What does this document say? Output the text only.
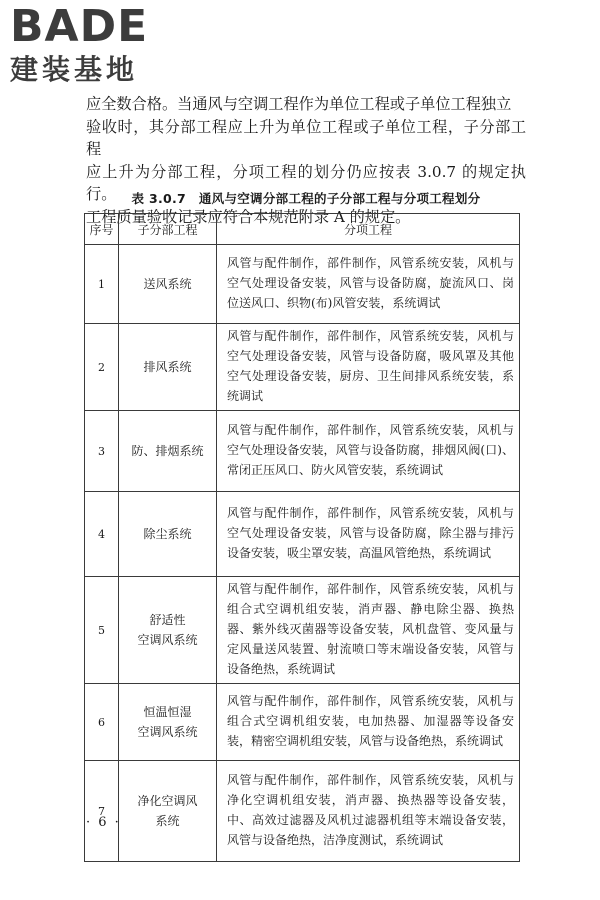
BADE
建装基地

应全数合格。当通风与空调工程作为单位工程或子单位工程独立
验收时，其分部工程应上升为单位工程或子单位工程，子分部工程
应上升为分部工程，分项工程的划分仍应按表 3.0.7 的规定执行。
工程质量验收记录应符合本规范附录 A 的规定。

表 3.0.7　通风与空调分部工程的子分部工程与分项工程划分
序号	子分部工程	分项工程
1	送风系统	风管与配件制作，部件制作，风管系统安装，风机与空气处理设备安装，风管与设备防腐，旋流风口、岗位送风口、织物(布)风管安装，系统调试
2	排风系统	风管与配件制作，部件制作，风管系统安装，风机与空气处理设备安装，风管与设备防腐，吸风罩及其他空气处理设备安装，厨房、卫生间排风系统安装，系统调试
3	防、排烟系统	风管与配件制作，部件制作，风管系统安装，风机与空气处理设备安装，风管与设备防腐，排烟风阀(口)、常闭正压风口、防火风管安装，系统调试
4	除尘系统	风管与配件制作，部件制作，风管系统安装，风机与空气处理设备安装，风管与设备防腐，除尘器与排污设备安装，吸尘罩安装，高温风管绝热，系统调试
5	舒适性
空调风系统	风管与配件制作，部件制作，风管系统安装，风机与组合式空调机组安装，消声器、静电除尘器、换热器、紫外线灭菌器等设备安装，风机盘管、变风量与定风量送风装置、射流喷口等末端设备安装，风管与设备绝热，系统调试
6	恒温恒湿
空调风系统	风管与配件制作，部件制作，风管系统安装，风机与组合式空调机组安装，电加热器、加湿器等设备安装，精密空调机组安装，风管与设备绝热，系统调试
7	净化空调风
系统	风管与配件制作，部件制作，风管系统安装，风机与净化空调机组安装，消声器、换热器等设备安装，中、高效过滤器及风机过滤器机组等末端设备安装，风管与设备绝热，洁净度测试，系统调试
· 6 ·
